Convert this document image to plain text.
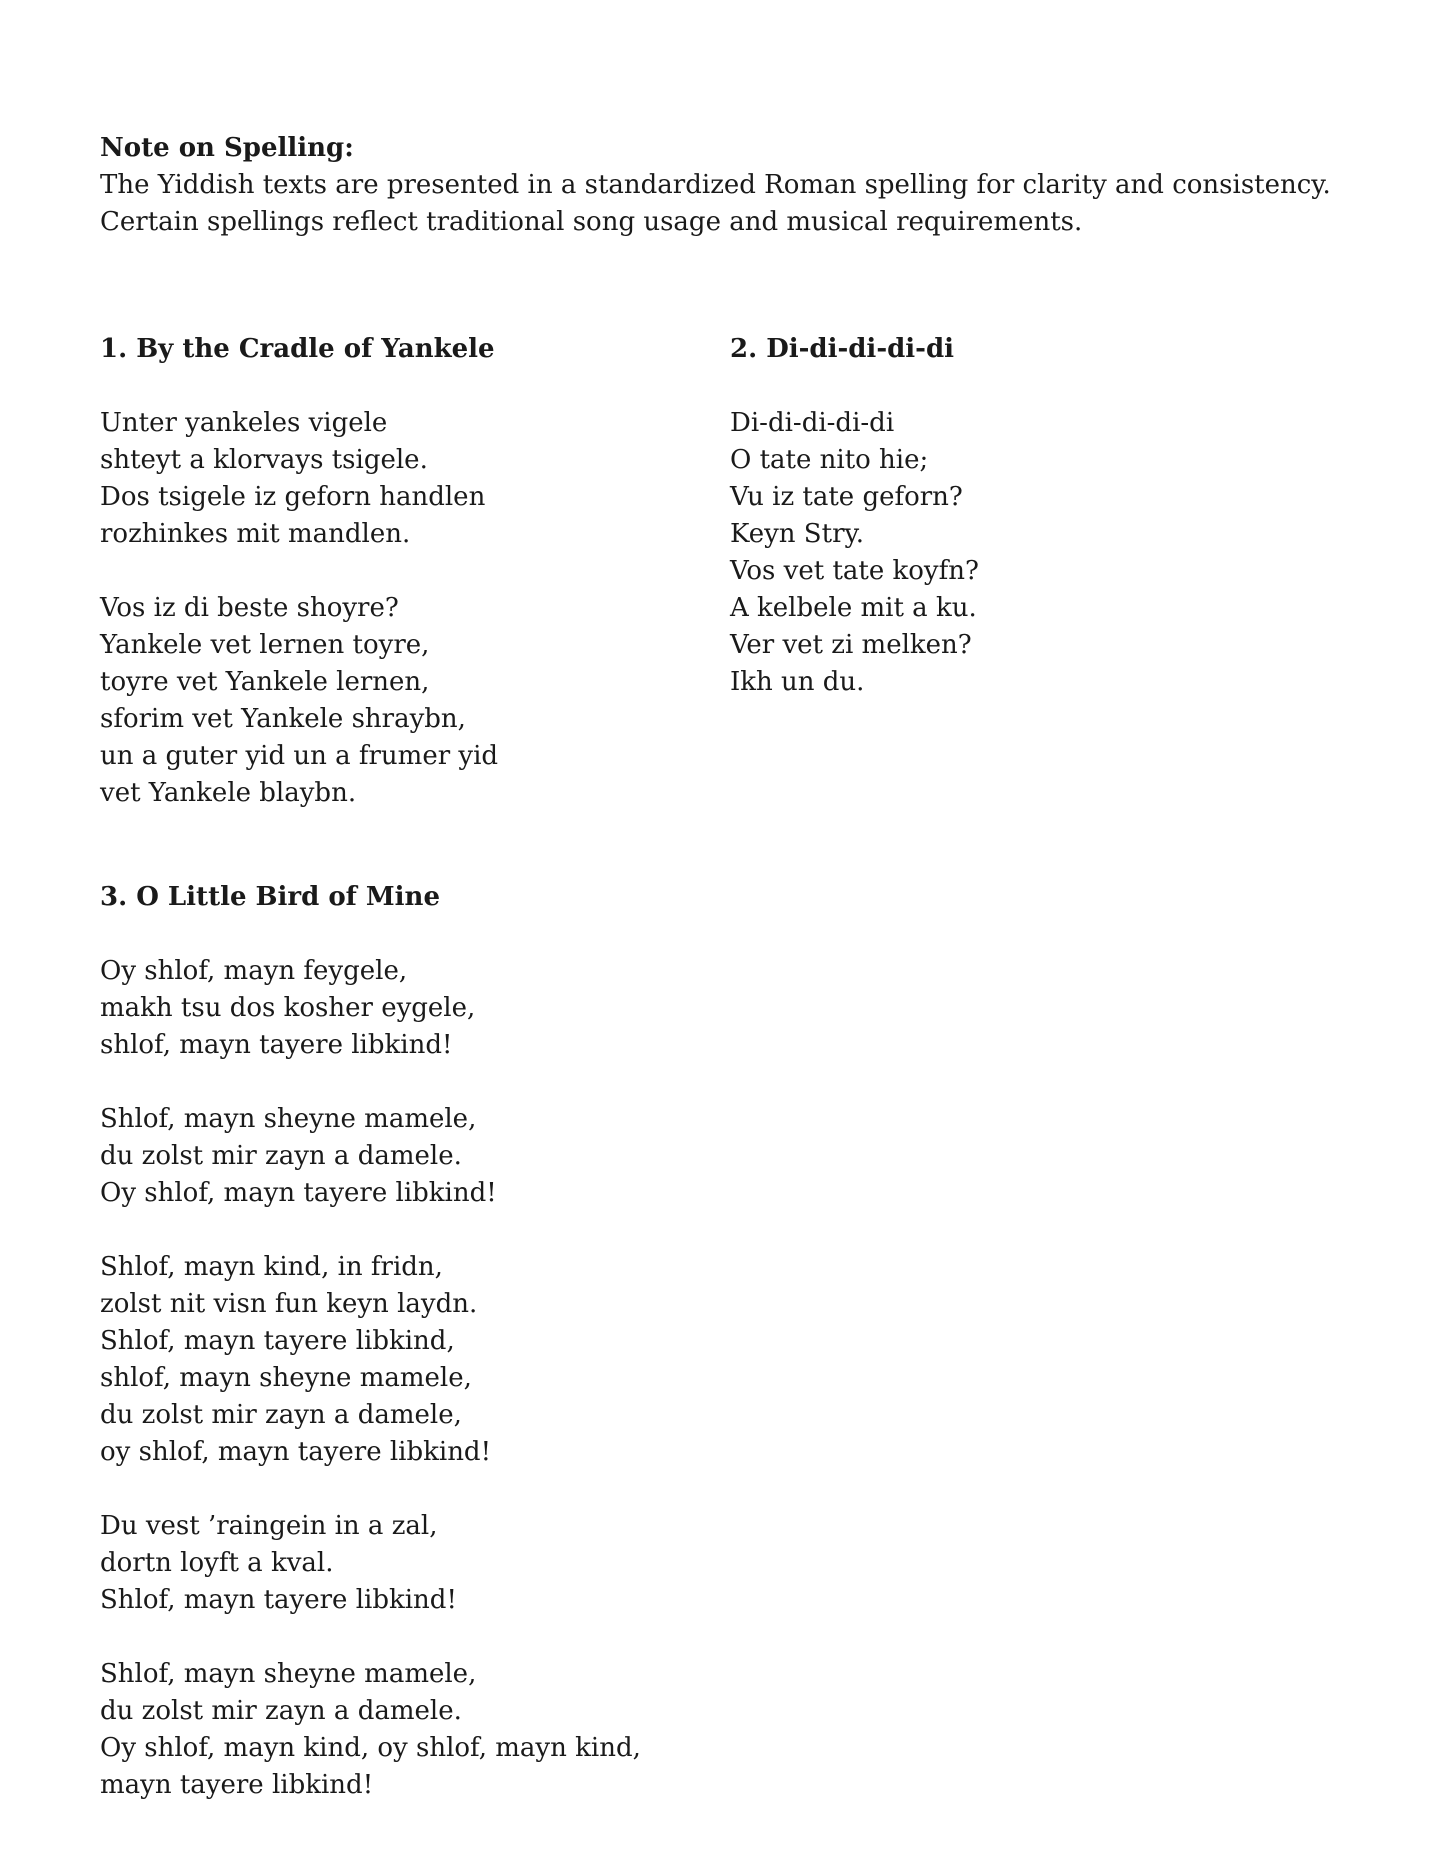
Note on Spelling:
The Yiddish texts are presented in a standardized Roman spelling for clarity and consistency.
Certain spellings reflect traditional song usage and musical requirements.
1. By the Cradle of Yankele

Unter yankeles vigele
shteyt a klorvays tsigele.
Dos tsigele iz geforn handlen
rozhinkes mit mandlen.

Vos iz di beste shoyre?
Yankele vet lernen toyre,
toyre vet Yankele lernen,
sforim vet Yankele shraybn,
un a guter yid un a frumer yid
vet Yankele blaybn.

3. O Little Bird of Mine

Oy shlof, mayn feygele,
makh tsu dos kosher eygele,
shlof, mayn tayere libkind!

Shlof, mayn sheyne mamele,
du zolst mir zayn a damele.
Oy shlof, mayn tayere libkind!

Shlof, mayn kind, in fridn,
zolst nit visn fun keyn laydn.
Shlof, mayn tayere libkind,
shlof, mayn sheyne mamele,
du zolst mir zayn a damele,
oy shlof, mayn tayere libkind!

Du vest ’raingein in a zal,
dortn loyft a kval.
Shlof, mayn tayere libkind!

Shlof, mayn sheyne mamele,
du zolst mir zayn a damele.
Oy shlof, mayn kind, oy shlof, mayn kind,
mayn tayere libkind!

2. Di-di-di-di-di

Di-di-di-di-di
O tate nito hie;
Vu iz tate geforn?
Keyn Stry.
Vos vet tate koyfn?
A kelbele mit a ku.
Ver vet zi melken?
Ikh un du.
